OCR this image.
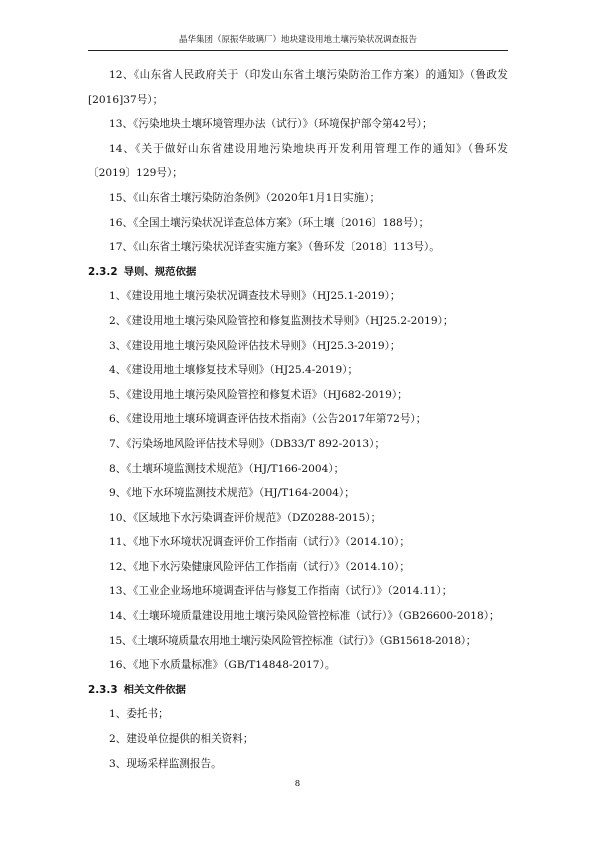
晶华集团（原振华玻璃厂）地块建设用地土壤污染状况调查报告

12、《山东省人民政府关于（印发山东省土壤污染防治工作方案）的通知》（鲁政发[2016]37号）；

13、《污染地块土壤环境管理办法（试行）》（环境保护部令第42号）；

14、《关于做好山东省建设用地污染地块再开发利用管理工作的通知》（鲁环发〔2019〕129号）；

15、《山东省土壤污染防治条例》（2020年1月1日实施）；

16、《全国土壤污染状况详查总体方案》（环土壤〔2016〕188号）；

17、《山东省土壤污染状况详查实施方案》（鲁环发〔2018〕113号）。

2.3.2 导则、规范依据

1、《建设用地土壤污染状况调查技术导则》（HJ25.1-2019）；

2、《建设用地土壤污染风险管控和修复监测技术导则》（HJ25.2-2019）；

3、《建设用地土壤污染风险评估技术导则》（HJ25.3-2019）；

4、《建设用地土壤修复技术导则》（HJ25.4-2019）；

5、《建设用地土壤污染风险管控和修复术语》（HJ682-2019）；

6、《建设用地土壤环境调查评估技术指南》（公告2017年第72号）；

7、《污染场地风险评估技术导则》（DB33/T 892-2013）；

8、《土壤环境监测技术规范》（HJ/T166-2004）；

9、《地下水环境监测技术规范》（HJ/T164-2004）；

10、《区域地下水污染调查评价规范》（DZ0288-2015）；

11、《地下水环境状况调查评价工作指南（试行）》（2014.10）；

12、《地下水污染健康风险评估工作指南（试行）》（2014.10）；

13、《工业企业场地环境调查评估与修复工作指南（试行）》（2014.11）；

14、《土壤环境质量建设用地土壤污染风险管控标准（试行）》（GB26600-2018）；

15、《土壤环境质量农用地土壤污染风险管控标准（试行）》（GB15618-2018）；

16、《地下水质量标准》（GB/T14848-2017）。

2.3.3 相关文件依据

1、委托书；

2、建设单位提供的相关资料；

3、现场采样监测报告。

8
